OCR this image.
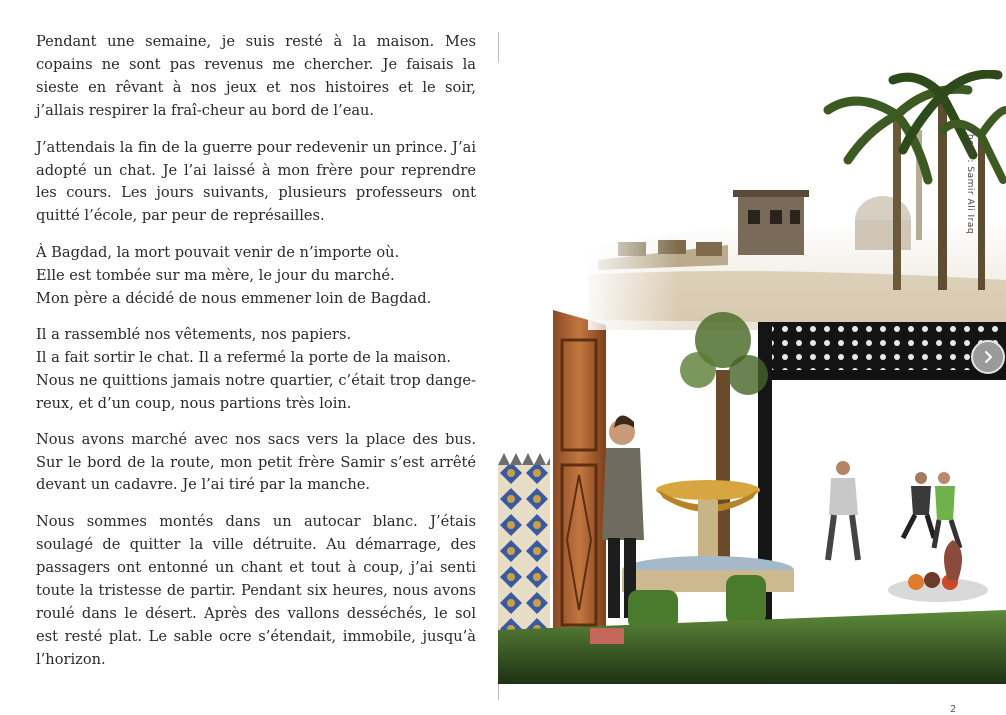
Pendant une semaine, je suis resté à la maison. Mes copains ne sont pas revenus me chercher. Je faisais la sieste en rêvant à nos jeux et nos histoires et le soir, j’allais respirer la fraî-cheur au bord de l’eau.

J’attendais la fin de la guerre pour redevenir un prince. J’ai adopté un chat. Je l’ai laissé à mon frère pour reprendre les cours. Les jours suivants, plusieurs professeurs ont quitté l’école, par peur de représailles.

À Bagdad, la mort pouvait venir de n’importe où.
Elle est tombée sur ma mère, le jour du marché.
Mon père a décidé de nous emmener loin de Bagdad.

Il a rassemblé nos vêtements, nos papiers.
Il a fait sortir le chat. Il a refermé la porte de la maison.
Nous ne quittions jamais notre quartier, c’était trop dange-reux, et d’un coup, nous partions très loin.

Nous avons marché avec nos sacs vers la place des bus. Sur le bord de la route, mon petit frère Samir s’est arrêté devant un cadavre. Je l’ai tiré par la manche.

Nous sommes montés dans un autocar blanc. J’étais soulagé de quitter la ville détruite. Au démarrage, des passagers ont entonné un chant et tout à coup, j’ai senti toute la tristesse de partir. Pendant six heures, nous avons roulé dans le désert. Après des vallons desséchés, le sol est resté plat. Le sable ocre s’étendait, immobile, jusqu’à l’horizon.

Photo : Samir Ali Iraq
2
